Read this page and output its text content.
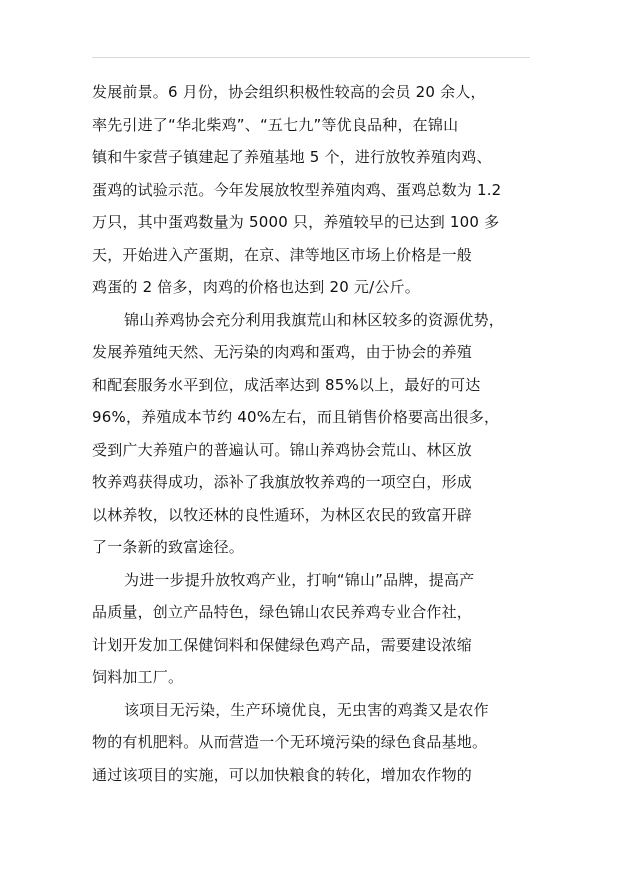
发展前景。6 月份，协会组织积极性较高的会员 20 余人，
率先引进了“华北柴鸡”、“五七九”等优良品种，在锦山
镇和牛家营子镇建起了养殖基地 5 个，进行放牧养殖肉鸡、
蛋鸡的试验示范。今年发展放牧型养殖肉鸡、蛋鸡总数为 1.2
万只，其中蛋鸡数量为 5000 只，养殖较早的已达到 100 多
天，开始进入产蛋期，在京、津等地区市场上价格是一般
鸡蛋的 2 倍多，肉鸡的价格也达到 20 元/公斤。
锦山养鸡协会充分利用我旗荒山和林区较多的资源优势，
发展养殖纯天然、无污染的肉鸡和蛋鸡，由于协会的养殖
和配套服务水平到位，成活率达到 85%以上，最好的可达
96%，养殖成本节约 40%左右，而且销售价格要高出很多，
受到广大养殖户的普遍认可。锦山养鸡协会荒山、林区放
牧养鸡获得成功，添补了我旗放牧养鸡的一项空白，形成
以林养牧，以牧还林的良性遁环，为林区农民的致富开辟
了一条新的致富途径。
为进一步提升放牧鸡产业，打响“锦山”品牌，提高产
品质量，创立产品特色，绿色锦山农民养鸡专业合作社，
计划开发加工保健饲料和保健绿色鸡产品，需要建设浓缩
饲料加工厂。
该项目无污染，生产环境优良，无虫害的鸡粪又是农作
物的有机肥料。从而营造一个无环境污染的绿色食品基地。
通过该项目的实施，可以加快粮食的转化，增加农作物的
